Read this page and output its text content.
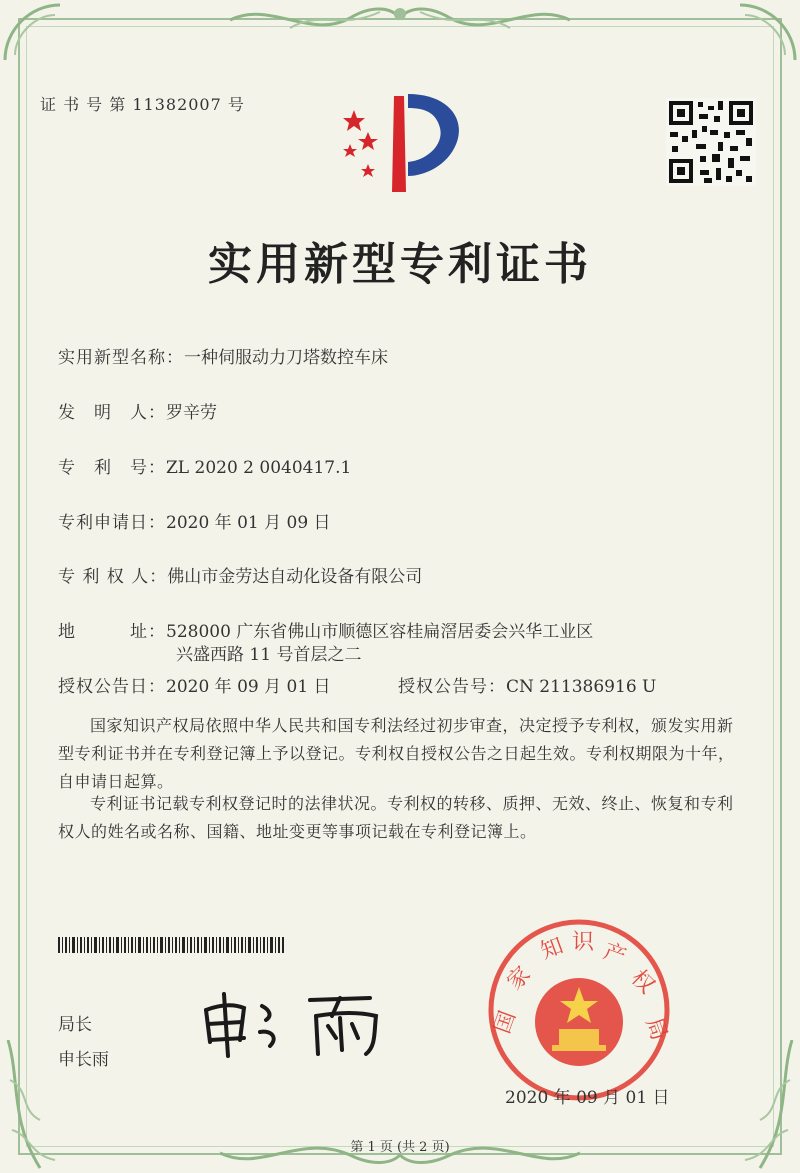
证 书 号 第 11382007 号
实用新型专利证书
实用新型名称：一种伺服动力刀塔数控车床
发　明　人：罗辛劳
专　利　号：ZL 2020 2 0040417.1
专利申请日：2020 年 01 月 09 日
专 利 权 人：佛山市金劳达自动化设备有限公司
地　　　址：528000 广东省佛山市顺德区容桂扁滘居委会兴华工业区
兴盛西路 11 号首层之二
授权公告日：2020 年 09 月 01 日	授权公告号：CN 211386916 U
国家知识产权局依照中华人民共和国专利法经过初步审查，决定授予专利权，颁发实用新型专利证书并在专利登记簿上予以登记。专利权自授权公告之日起生效。专利权期限为十年，自申请日起算。
专利证书记载专利权登记时的法律状况。专利权的转移、质押、无效、终止、恢复和专利权人的姓名或名称、国籍、地址变更等事项记载在专利登记簿上。
局长
申长雨
国
家
知 识 产
权
局
2020 年 09 月 01 日
第 1 页 (共 2 页)
